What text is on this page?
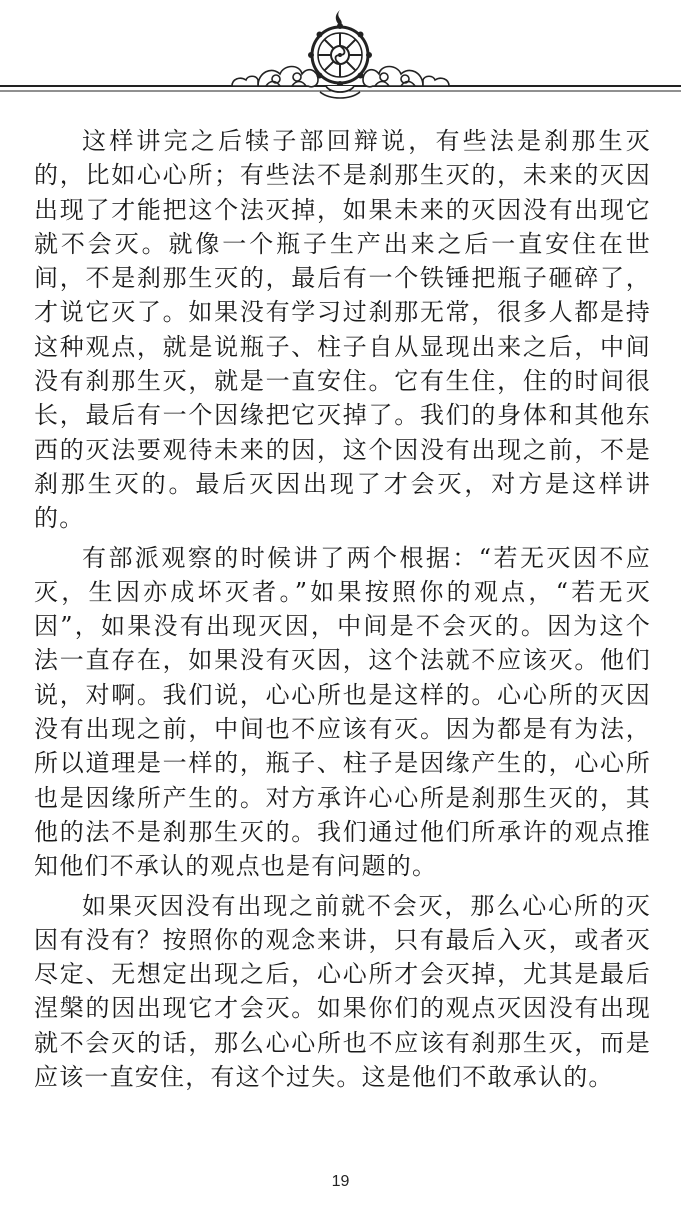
这样讲完之后犊子部回辩说，有些法是刹那生灭的，比如心心所；有些法不是刹那生灭的，未来的灭因出现了才能把这个法灭掉，如果未来的灭因没有出现它就不会灭。就像一个瓶子生产出来之后一直安住在世间，不是刹那生灭的，最后有一个铁锤把瓶子砸碎了，才说它灭了。如果没有学习过刹那无常，很多人都是持这种观点，就是说瓶子、柱子自从显现出来之后，中间没有刹那生灭，就是一直安住。它有生住，住的时间很长，最后有一个因缘把它灭掉了。我们的身体和其他东西的灭法要观待未来的因，这个因没有出现之前，不是刹那生灭的。最后灭因出现了才会灭，对方是这样讲的。

有部派观察的时候讲了两个根据：“若无灭因不应灭，生因亦成坏灭者。”如果按照你的观点，“若无灭因”，如果没有出现灭因，中间是不会灭的。因为这个法一直存在，如果没有灭因，这个法就不应该灭。他们说，对啊。我们说，心心所也是这样的。心心所的灭因没有出现之前，中间也不应该有灭。因为都是有为法，所以道理是一样的，瓶子、柱子是因缘产生的，心心所也是因缘所产生的。对方承许心心所是刹那生灭的，其他的法不是刹那生灭的。我们通过他们所承许的观点推知他们不承认的观点也是有问题的。

如果灭因没有出现之前就不会灭，那么心心所的灭因有没有？按照你的观念来讲，只有最后入灭，或者灭尽定、无想定出现之后，心心所才会灭掉，尤其是最后涅槃的因出现它才会灭。如果你们的观点灭因没有出现就不会灭的话，那么心心所也不应该有刹那生灭，而是应该一直安住，有这个过失。这是他们不敢承认的。

19
